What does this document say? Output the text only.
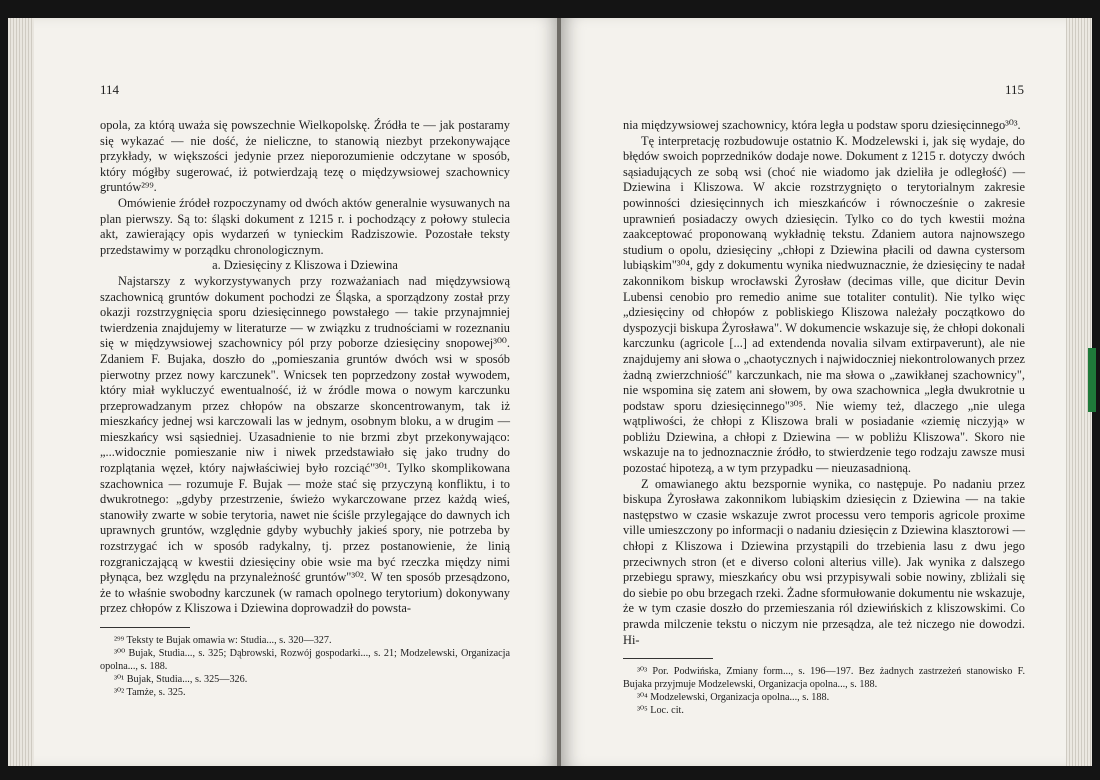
114

opola, za którą uważa się powszechnie Wielkopolskę. Źródła te — jak postaramy się wykazać — nie dość, że nieliczne, to stanowią niezbyt przekonywające przykłady, w większości jedynie przez nieporozumienie odczytane w sposób, który mógłby sugerować, iż potwierdzają tezę o międzywsiowej szachownicy gruntów²⁹⁹.

Omówienie źródeł rozpoczynamy od dwóch aktów generalnie wysuwanych na plan pierwszy. Są to: śląski dokument z 1215 r. i pochodzący z połowy stulecia akt, zawierający opis wydarzeń w tynieckim Radziszowie. Pozostałe teksty przedstawimy w porządku chronologicznym.

a. Dziesięciny z Kliszowa i Dziewina

Najstarszy z wykorzystywanych przy rozważaniach nad międzywsiową szachownicą gruntów dokument pochodzi ze Śląska, a sporządzony został przy okazji rozstrzygnięcia sporu dziesięcinnego powstałego — takie przynajmniej twierdzenia znajdujemy w literaturze — w związku z trudnościami w rozeznaniu się w międzywsiowej szachownicy pól przy poborze dziesięciny snopowej³⁰⁰. Zdaniem F. Bujaka, doszło do „pomieszania gruntów dwóch wsi w sposób pierwotny przez nowy karczunek". Wnicsek ten poprzedzony został wywodem, który miał wykluczyć ewentualność, iż w źródle mowa o nowym karczunku przeprowadzanym przez chłopów na obszarze skoncentrowanym, tak iż mieszkańcy jednej wsi karczowali las w jednym, osobnym bloku, a w drugim — mieszkańcy wsi sąsiedniej. Uzasadnienie to nie brzmi zbyt przekonywająco: „...widocznie pomieszanie niw i niwek przedstawiało się jako trudny do rozplątania węzeł, który najwłaściwiej było rozciąć"³⁰¹. Tylko skomplikowana szachownica — rozumuje F. Bujak — może stać się przyczyną konfliktu, i to dwukrotnego: „gdyby przestrzenie, świeżo wykarczowane przez każdą wieś, stanowiły zwarte w sobie terytoria, nawet nie ściśle przylegające do dawnych ich uprawnych gruntów, względnie gdyby wybuchły jakieś spory, nie potrzeba by rozstrzygać ich w sposób radykalny, tj. przez postanowienie, że linią rozgraniczającą w kwestii dziesięciny obie wsie ma być rzeczka między nimi płynąca, bez względu na przynależność gruntów"³⁰². W ten sposób przesądzono, że to właśnie swobodny karczunek (w ramach opolnego terytorium) dokonywany przez chłopów z Kliszowa i Dziewina doprowadził do powsta-

²⁹⁹ Teksty te Bujak omawia w: Studia..., s. 320—327.
³⁰⁰ Bujak, Studia..., s. 325; Dąbrowski, Rozwój gospodarki..., s. 21; Modzelewski, Organizacja opolna..., s. 188.
³⁰¹ Bujak, Studia..., s. 325—326.
³⁰² Tamże, s. 325.
115

nia międzywsiowej szachownicy, która legła u podstaw sporu dziesięcinnego³⁰³.

Tę interpretację rozbudowuje ostatnio K. Modzelewski i, jak się wydaje, do błędów swoich poprzedników dodaje nowe. Dokument z 1215 r. dotyczy dwóch sąsiadujących ze sobą wsi (choć nie wiadomo jak dzieliła je odległość) — Dziewina i Kliszowa. W akcie rozstrzygnięto o terytorialnym zakresie powinności dziesięcinnych ich mieszkańców i równocześnie o zakresie uprawnień posiadaczy owych dziesięcin. Tylko co do tych kwestii można zaakceptować proponowaną wykładnię tekstu. Zdaniem autora najnowszego studium o opolu, dziesięciny „chłopi z Dziewina płacili od dawna cystersom lubiąskim"³⁰⁴, gdy z dokumentu wynika niedwuznacznie, że dziesięciny te nadał zakonnikom biskup wrocławski Żyrosław (decimas ville, que dicitur Devin Lubensi cenobio pro remedio anime sue totaliter contulit). Nie tylko więc „dziesięciny od chłopów z pobliskiego Kliszowa należały początkowo do dyspozycji biskupa Żyrosława". W dokumencie wskazuje się, że chłopi dokonali karczunku (agricole [...] ad extendenda novalia silvam extirpaverunt), ale nie znajdujemy ani słowa o „chaotycznych i najwidoczniej niekontrolowanych przez żadną zwierzchniość" karczunkach, nie ma słowa o „zawikłanej szachownicy", nie wspomina się zatem ani słowem, by owa szachownica „legła dwukrotnie u podstaw sporu dziesięcinnego"³⁰⁵. Nie wiemy też, dlaczego „nie ulega wątpliwości, że chłopi z Kliszowa brali w posiadanie «ziemię niczyją» w pobliżu Dziewina, a chłopi z Dziewina — w pobliżu Kliszowa". Skoro nie wskazuje na to jednoznacznie źródło, to stwierdzenie tego rodzaju zawsze musi pozostać hipotezą, a w tym przypadku — nieuzasadnioną.

Z omawianego aktu bezspornie wynika, co następuje. Po nadaniu przez biskupa Żyrosława zakonnikom lubiąskim dziesięcin z Dziewina — na takie następstwo w czasie wskazuje zwrot processu vero temporis agricole proxime ville umieszczony po informacji o nadaniu dziesięcin z Dziewina klasztorowi — chłopi z Kliszowa i Dziewina przystąpili do trzebienia lasu z dwu jego przeciwnych stron (et e diverso coloni alterius ville). Jak wynika z dalszego przebiegu sprawy, mieszkańcy obu wsi przypisywali sobie nowiny, zbliżali się do siebie po obu brzegach rzeki. Żadne sformułowanie dokumentu nie wskazuje, że w tym czasie doszło do przemieszania ról dziewińskich z kliszowskimi. Co prawda milczenie tekstu o niczym nie przesądza, ale też niczego nie dowodzi. Hi-

³⁰³ Por. Podwińska, Zmiany form..., s. 196—197. Bez żadnych zastrzeżeń stanowisko F. Bujaka przyjmuje Modzelewski, Organizacja opolna..., s. 188.
³⁰⁴ Modzelewski, Organizacja opolna..., s. 188.
³⁰⁵ Loc. cit.
